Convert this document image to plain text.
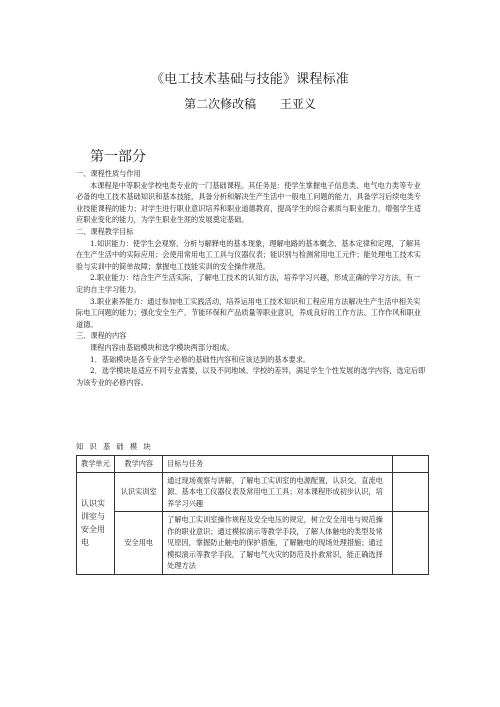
《电工技术基础与技能》课程标准
第二次修改稿 王亚义
第一部分

一、课程性质与作用

本课程是中等职业学校电类专业的一门基础课程。其任务是：使学生掌握电子信息类、电气电力类等专业必备的电工技术基础知识和基本技能，具备分析和解决生产生活中一般电工问题的能力，具备学习后续电类专业技能课程的能力；对学生进行职业意识培养和职业道德教育，提高学生的综合素质与职业能力，增强学生适应职业变化的能力，为学生职业生涯的发展奠定基础。

二、课程教学目标

1.知识能力：使学生会观察、分析与解释电的基本现象，理解电路的基本概念、基本定律和定理，了解其在生产生活中的实际应用；会使用常用电工工具与仪器仪表；能识别与检测常用电工元件；能处理电工技术实验与实训中的简单故障；掌握电工技能实训的安全操作规范。

2.职业能力：结合生产生活实际，了解电工技术的认知方法，培养学习兴趣，形成正确的学习方法，有一定的自主学习能力。

3.职业素养能力：通过参加电工实践活动，培养运用电工技术知识和工程应用方法解决生产生活中相关实际电工问题的能力；强化安全生产、节能环保和产品质量等职业意识，养成良好的工作方法、工作作风和职业道德。

三、课程的内容

课程内容由基础模块和选学模块两部分组成。

1．基础模块是各专业学生必修的基础性内容和应该达到的基本要求。

2．选学模块是适应不同专业需要，以及不同地域、学校的差异，满足学生个性发展的选学内容，选定后即为该专业的必修内容。

知 识 基 础 模 块
教学单元	教学内容	目标与任务	
认识实训室与安全用电	认识实训室	通过现场观察与讲解，了解电工实训室的电源配置，认识交、直流电源、基本电工仪器仪表及常用电工工具；对本课程形成初步认识，培养学习兴趣	
	安全用电	了解电工实训室操作规程及安全电压的规定，树立安全用电与规范操作的职业意识；通过模拟演示等教学手段，了解人体触电的类型及常见原因，掌握防止触电的保护措施，了解触电的现场处理措施；通过模拟演示等教学手段，了解电气火灾的防范及扑救常识，能正确选择处理方法	
